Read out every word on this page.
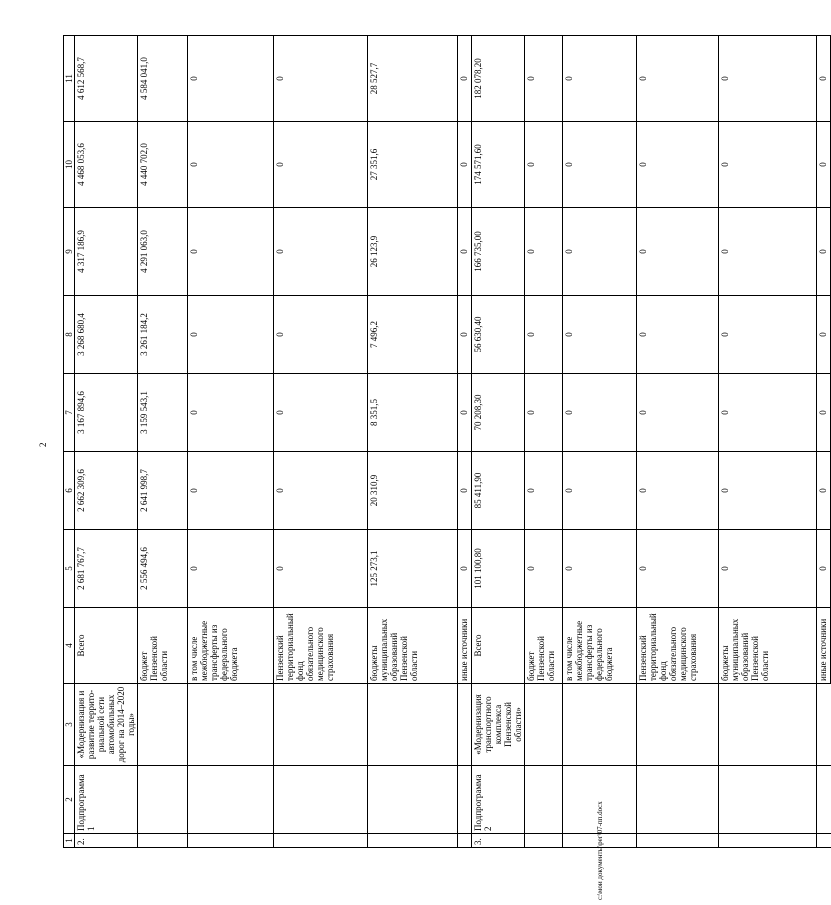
2
1	2	3	4	5	6	7	8	9	10	11
2.	Подпрограмма 1	«Модернизация и развитие террито-риальной сети автомобильных дорог на 2014–2020 годы»	Всего	2 681 767,7	2 662 309,6	3 167 894,6	3 268 680,4	4 317 186,9	4 468 053,6	4 612 568,7
			бюджет Пензенской области	2 556 494,6	2 641 998,7	3 159 543,1	3 261 184,2	4 291 063,0	4 440 702,0	4 584 041,0
			в том числе межбюджетные трансферты из федерального бюджета	0	0	0	0	0	0	0
			Пензенский территориальный фонд обязательного медицинского страхования	0	0	0	0	0	0	0
			бюджеты муниципальных образований Пензенской области	125 273,1	20 310,9	8 351,5	7 496,2	26 123,9	27 351,6	28 527,7
			иные источники	0	0	0	0	0	0	0
3.	Подпрограмма 2	«Модернизация транспортного комплекса Пензенской области»	Всего	101 100,80	85 411,90	70 208,30	56 630,40	166 735,00	174 571,60	182 078,20
			бюджет Пензенской области	0	0	0	0	0	0	0
			в том числе межбюджетные трансферты из федерального бюджета	0	0	0	0	0	0	0
			Пензенский территориальный фонд обязательного медицинского страхования	0	0	0	0	0	0	0
			бюджеты муниципальных образований Пензенской области	0	0	0	0	0	0	0
			иные источники	0	0	0	0	0	0	0
c:\мои документы\рег\07-пп.docx
